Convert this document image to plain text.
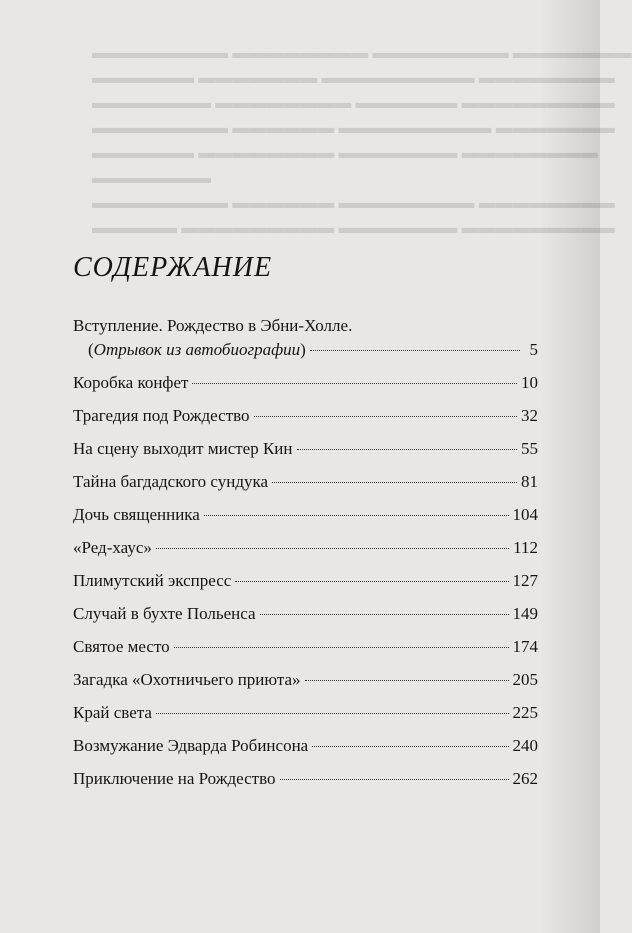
▬▬▬▬▬▬▬▬ ▬▬▬▬▬▬▬▬ ▬▬▬▬▬▬▬▬ ▬▬▬▬▬▬▬
▬▬▬▬▬▬ ▬▬▬▬▬▬▬ ▬▬▬▬▬▬▬▬▬ ▬▬▬▬▬▬▬▬
▬▬▬▬▬▬▬ ▬▬▬▬▬▬▬▬ ▬▬▬▬▬▬ ▬▬▬▬▬▬▬▬▬
▬▬▬▬▬▬▬▬ ▬▬▬▬▬▬ ▬▬▬▬▬▬▬▬▬ ▬▬▬▬▬▬▬
▬▬▬▬▬▬ ▬▬▬▬▬▬▬▬ ▬▬▬▬▬▬▬ ▬▬▬▬▬▬▬▬
▬▬▬▬▬▬▬
▬▬▬▬▬▬▬▬ ▬▬▬▬▬▬ ▬▬▬▬▬▬▬▬ ▬▬▬▬▬▬▬▬
▬▬▬▬▬ ▬▬▬▬▬▬▬▬▬ ▬▬▬▬▬▬▬ ▬▬▬▬▬▬▬▬▬
СОДЕРЖАНИЕ
Вступление. Рождество в Эбни-Холле.
(Отрывок из автобиографии)	5
Коробка конфет	10
Трагедия под Рождество	32
На сцену выходит мистер Кин	55
Тайна багдадского сундука	81
Дочь священника	104
«Ред-хаус»	112
Плимутский экспресс	127
Случай в бухте Польенса	149
Святое место	174
Загадка «Охотничьего приюта»	205
Край света	225
Возмужание Эдварда Робинсона	240
Приключение на Рождество	262
